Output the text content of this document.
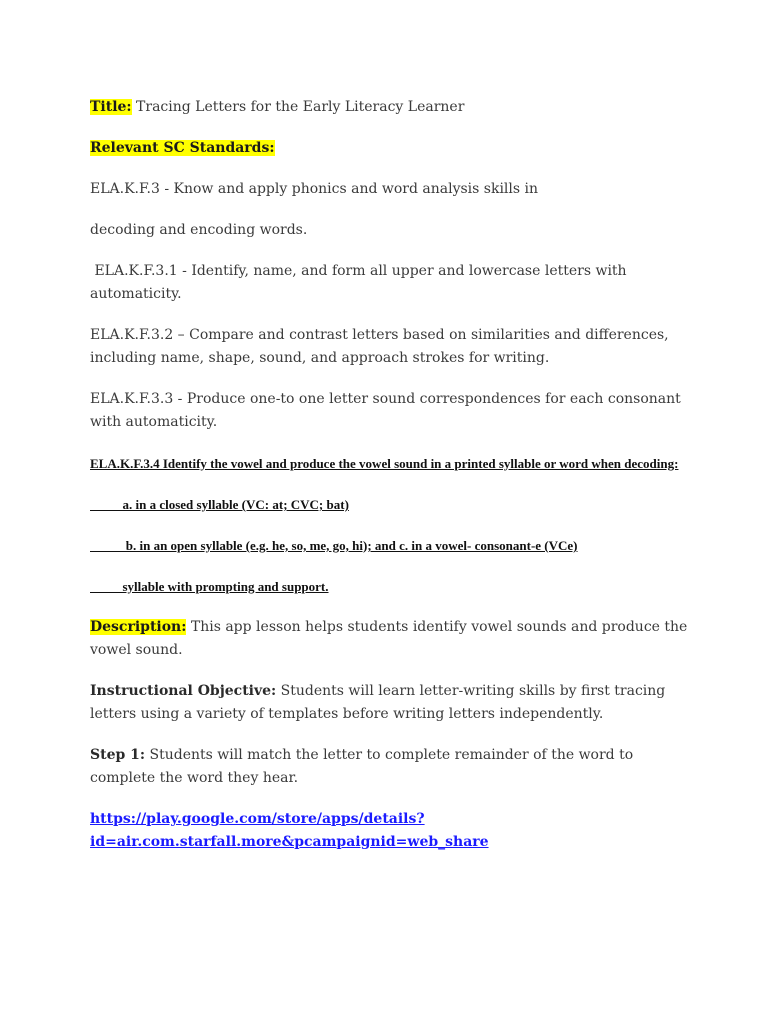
Title: Tracing Letters for the Early Literacy Learner

Relevant SC Standards:

ELA.K.F.3 - Know and apply phonics and word analysis skills in

decoding and encoding words.

ELA.K.F.3.1 - Identify, name, and form all upper and lowercase letters with automaticity.

ELA.K.F.3.2 – Compare and contrast letters based on similarities and differences, including name, shape, sound, and approach strokes for writing.

ELA.K.F.3.3 - Produce one-to one letter sound correspondences for each consonant with automaticity.

ELA.K.F.3.4 Identify the vowel and produce the vowel sound in a printed syllable or word when decoding:

a. in a closed syllable (VC: at; CVC; bat)

b. in an open syllable (e.g. he, so, me, go, hi); and c. in a vowel- consonant-e (VCe)

syllable with prompting and support.

Description: This app lesson helps students identify vowel sounds and produce the vowel sound.

Instructional Objective: Students will learn letter-writing skills by first tracing letters using a variety of templates before writing letters independently.

Step 1: Students will match the letter to complete remainder of the word to complete the word they hear.

https://play.google.com/store/apps/details?
id=air.com.starfall.more&pcampaignid=web_share
